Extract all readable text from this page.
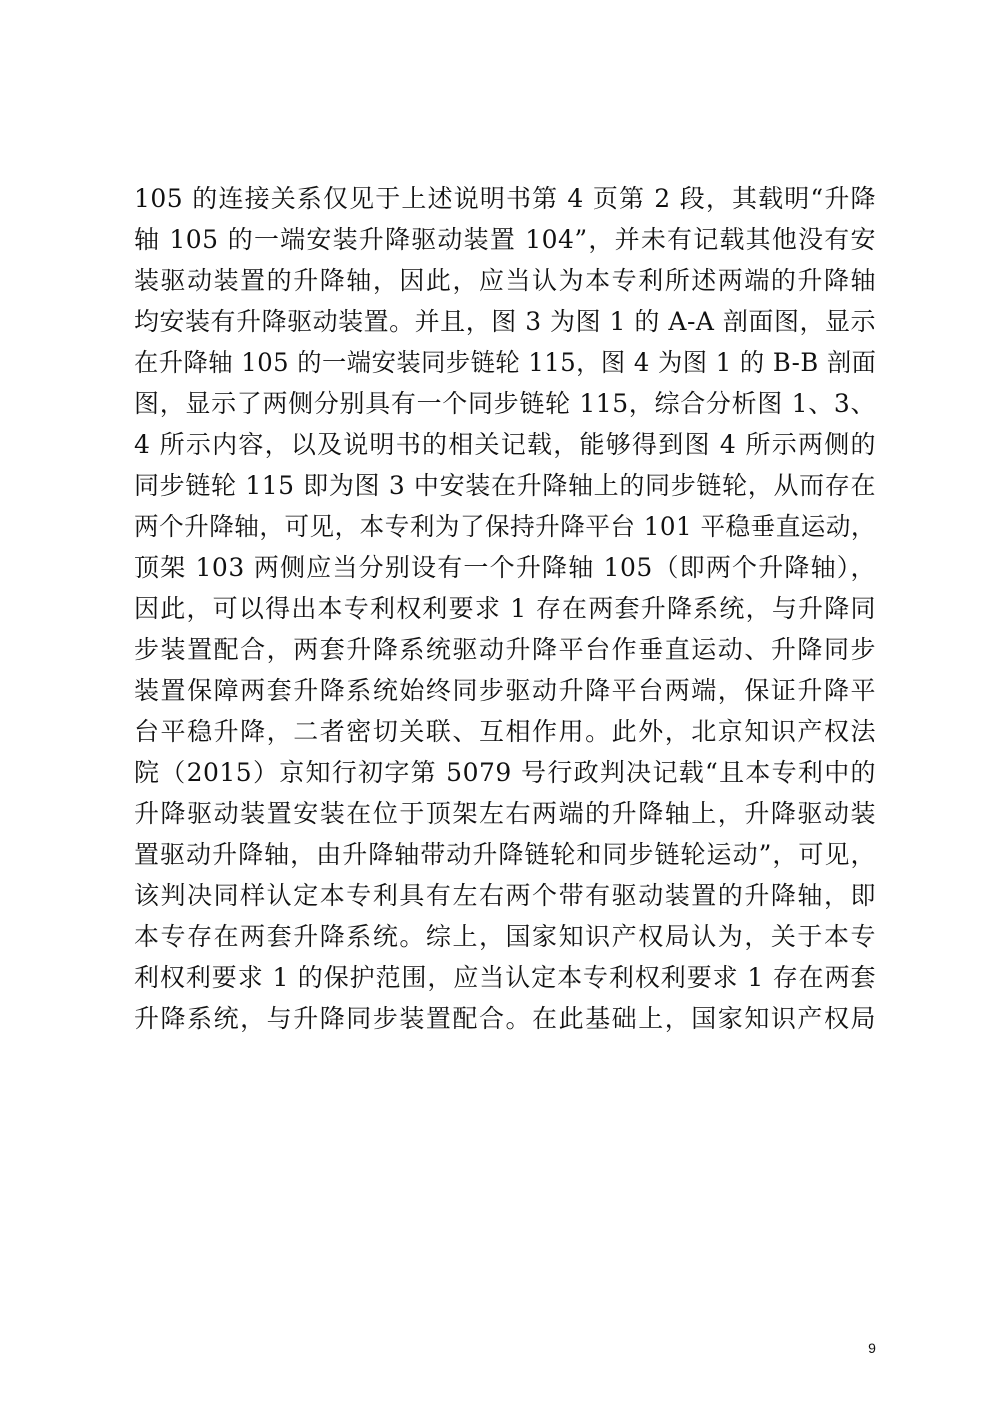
105 的连接关系仅见于上述说明书第 4 页第 2 段，其载明“升降
轴 105 的一端安装升降驱动装置 104”，并未有记载其他没有安
装驱动装置的升降轴，因此，应当认为本专利所述两端的升降轴
均安装有升降驱动装置。并且，图 3 为图 1 的 A-A 剖面图，显示
在升降轴 105 的一端安装同步链轮 115，图 4 为图 1 的 B-B 剖面
图，显示了两侧分别具有一个同步链轮 115，综合分析图 1、3、
4 所示内容，以及说明书的相关记载，能够得到图 4 所示两侧的
同步链轮 115 即为图 3 中安装在升降轴上的同步链轮，从而存在
两个升降轴，可见，本专利为了保持升降平台 101 平稳垂直运动，
顶架 103 两侧应当分别设有一个升降轴 105（即两个升降轴），
因此，可以得出本专利权利要求 1 存在两套升降系统，与升降同
步装置配合，两套升降系统驱动升降平台作垂直运动、升降同步
装置保障两套升降系统始终同步驱动升降平台两端，保证升降平
台平稳升降，二者密切关联、互相作用。此外，北京知识产权法
院（2015）京知行初字第 5079 号行政判决记载“且本专利中的
升降驱动装置安装在位于顶架左右两端的升降轴上，升降驱动装
置驱动升降轴，由升降轴带动升降链轮和同步链轮运动”，可见，
该判决同样认定本专利具有左右两个带有驱动装置的升降轴，即
本专存在两套升降系统。综上，国家知识产权局认为，关于本专
利权利要求 1 的保护范围，应当认定本专利权利要求 1 存在两套
升降系统，与升降同步装置配合。在此基础上，国家知识产权局
9
